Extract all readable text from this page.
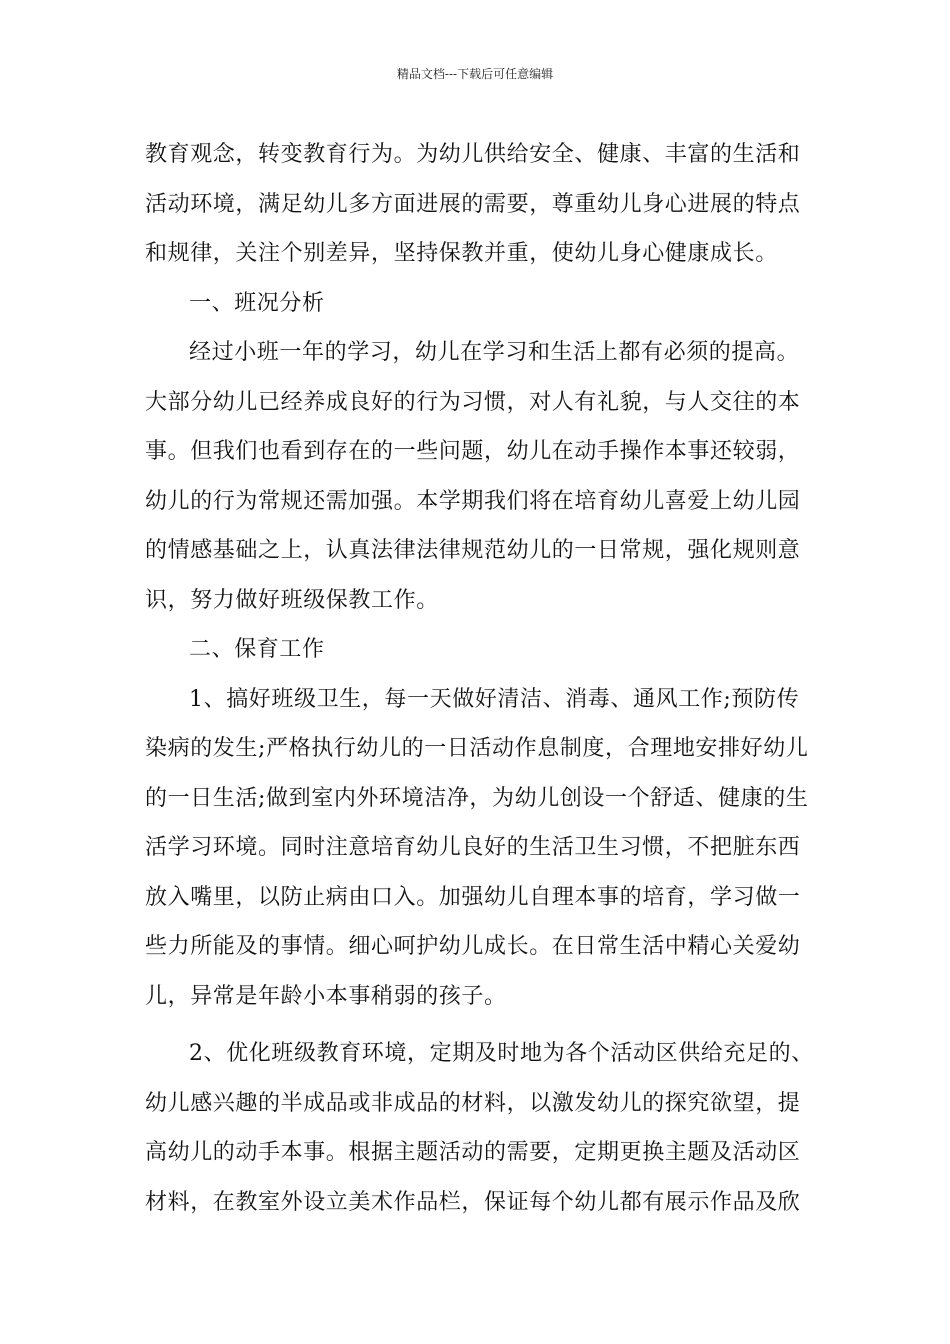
精品文档---下载后可任意编辑
教育观念，转变教育行为。为幼儿供给安全、健康、丰富的生活和
活动环境，满足幼儿多方面进展的需要，尊重幼儿身心进展的特点
和规律，关注个别差异，坚持保教并重，使幼儿身心健康成长。
一、班况分析
经过小班一年的学习，幼儿在学习和生活上都有必须的提高。
大部分幼儿已经养成良好的行为习惯，对人有礼貌，与人交往的本
事。但我们也看到存在的一些问题，幼儿在动手操作本事还较弱，
幼儿的行为常规还需加强。本学期我们将在培育幼儿喜爱上幼儿园
的情感基础之上，认真法律法律规范幼儿的一日常规，强化规则意
识，努力做好班级保教工作。
二、保育工作
1、搞好班级卫生，每一天做好清洁、消毒、通风工作;预防传
染病的发生;严格执行幼儿的一日活动作息制度，合理地安排好幼儿
的一日生活;做到室内外环境洁净，为幼儿创设一个舒适、健康的生
活学习环境。同时注意培育幼儿良好的生活卫生习惯，不把脏东西
放入嘴里，以防止病由口入。加强幼儿自理本事的培育，学习做一
些力所能及的事情。细心呵护幼儿成长。在日常生活中精心关爱幼
儿，异常是年龄小本事稍弱的孩子。
2、优化班级教育环境，定期及时地为各个活动区供给充足的、
幼儿感兴趣的半成品或非成品的材料，以激发幼儿的探究欲望，提
高幼儿的动手本事。根据主题活动的需要，定期更换主题及活动区
材料，在教室外设立美术作品栏，保证每个幼儿都有展示作品及欣
